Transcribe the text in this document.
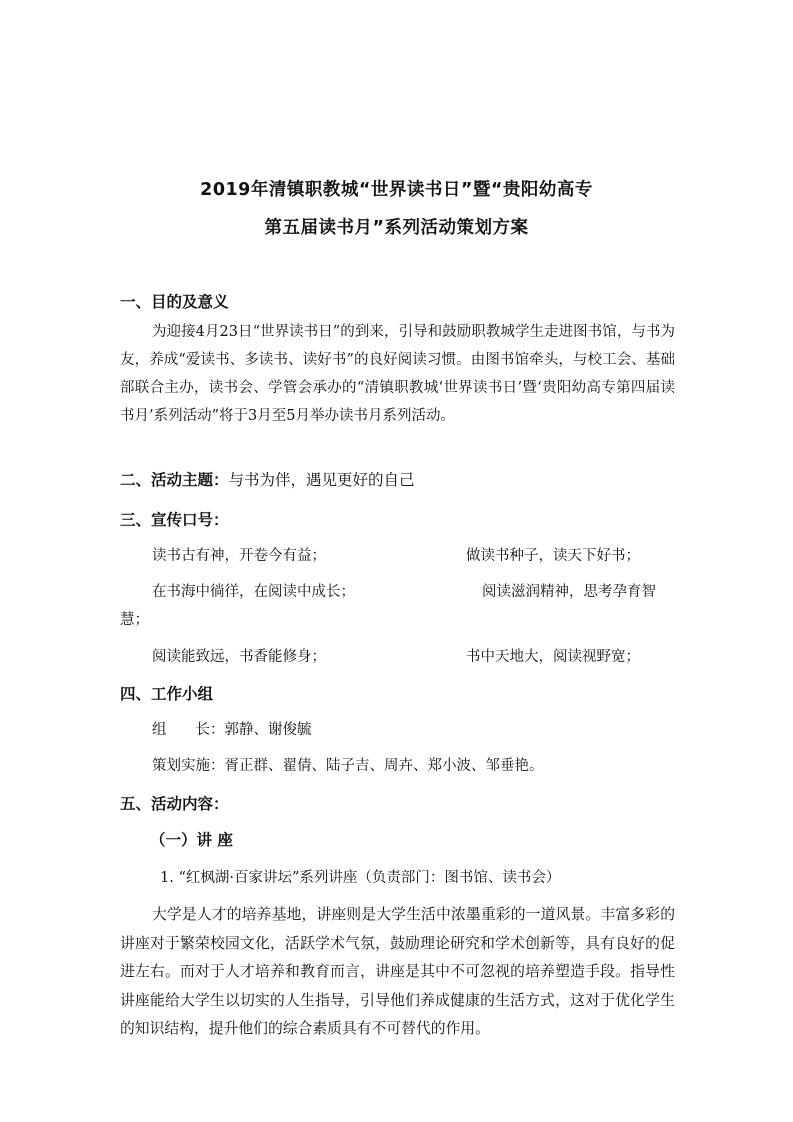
2019年清镇职教城“世界读书日”暨“贵阳幼高专
第五届读书月”系列活动策划方案
一、目的及意义
为迎接4月23日“世界读书日”的到来，引导和鼓励职教城学生走进图书馆，与书为友，养成“爱读书、多读书、读好书”的良好阅读习惯。由图书馆牵头，与校工会、基础部联合主办，读书会、学管会承办的“清镇职教城‘世界读书日’暨‘贵阳幼高专第四届读书月’系列活动”将于3月至5月举办读书月系列活动。
二、活动主题：与书为伴，遇见更好的自己
三、宣传口号：
读书古有神，开卷今有益；	做读书种子，读天下好书；
在书海中徜徉，在阅读中成长；	阅读滋润精神，思考孕育智
慧；
阅读能致远，书香能修身；	书中天地大，阅读视野宽；
四、工作小组
组　　长：郭静、谢俊毓
策划实施：胥正群、翟倩、陆子吉、周卉、郑小波、邹垂艳。
五、活动内容：
（一）讲 座
1. “红枫湖·百家讲坛”系列讲座（负责部门：图书馆、读书会）
大学是人才的培养基地，讲座则是大学生活中浓墨重彩的一道风景。丰富多彩的讲座对于繁荣校园文化，活跃学术气氛，鼓励理论研究和学术创新等，具有良好的促进左右。而对于人才培养和教育而言，讲座是其中不可忽视的培养塑造手段。指导性讲座能给大学生以切实的人生指导，引导他们养成健康的生活方式，这对于优化学生的知识结构，提升他们的综合素质具有不可替代的作用。
